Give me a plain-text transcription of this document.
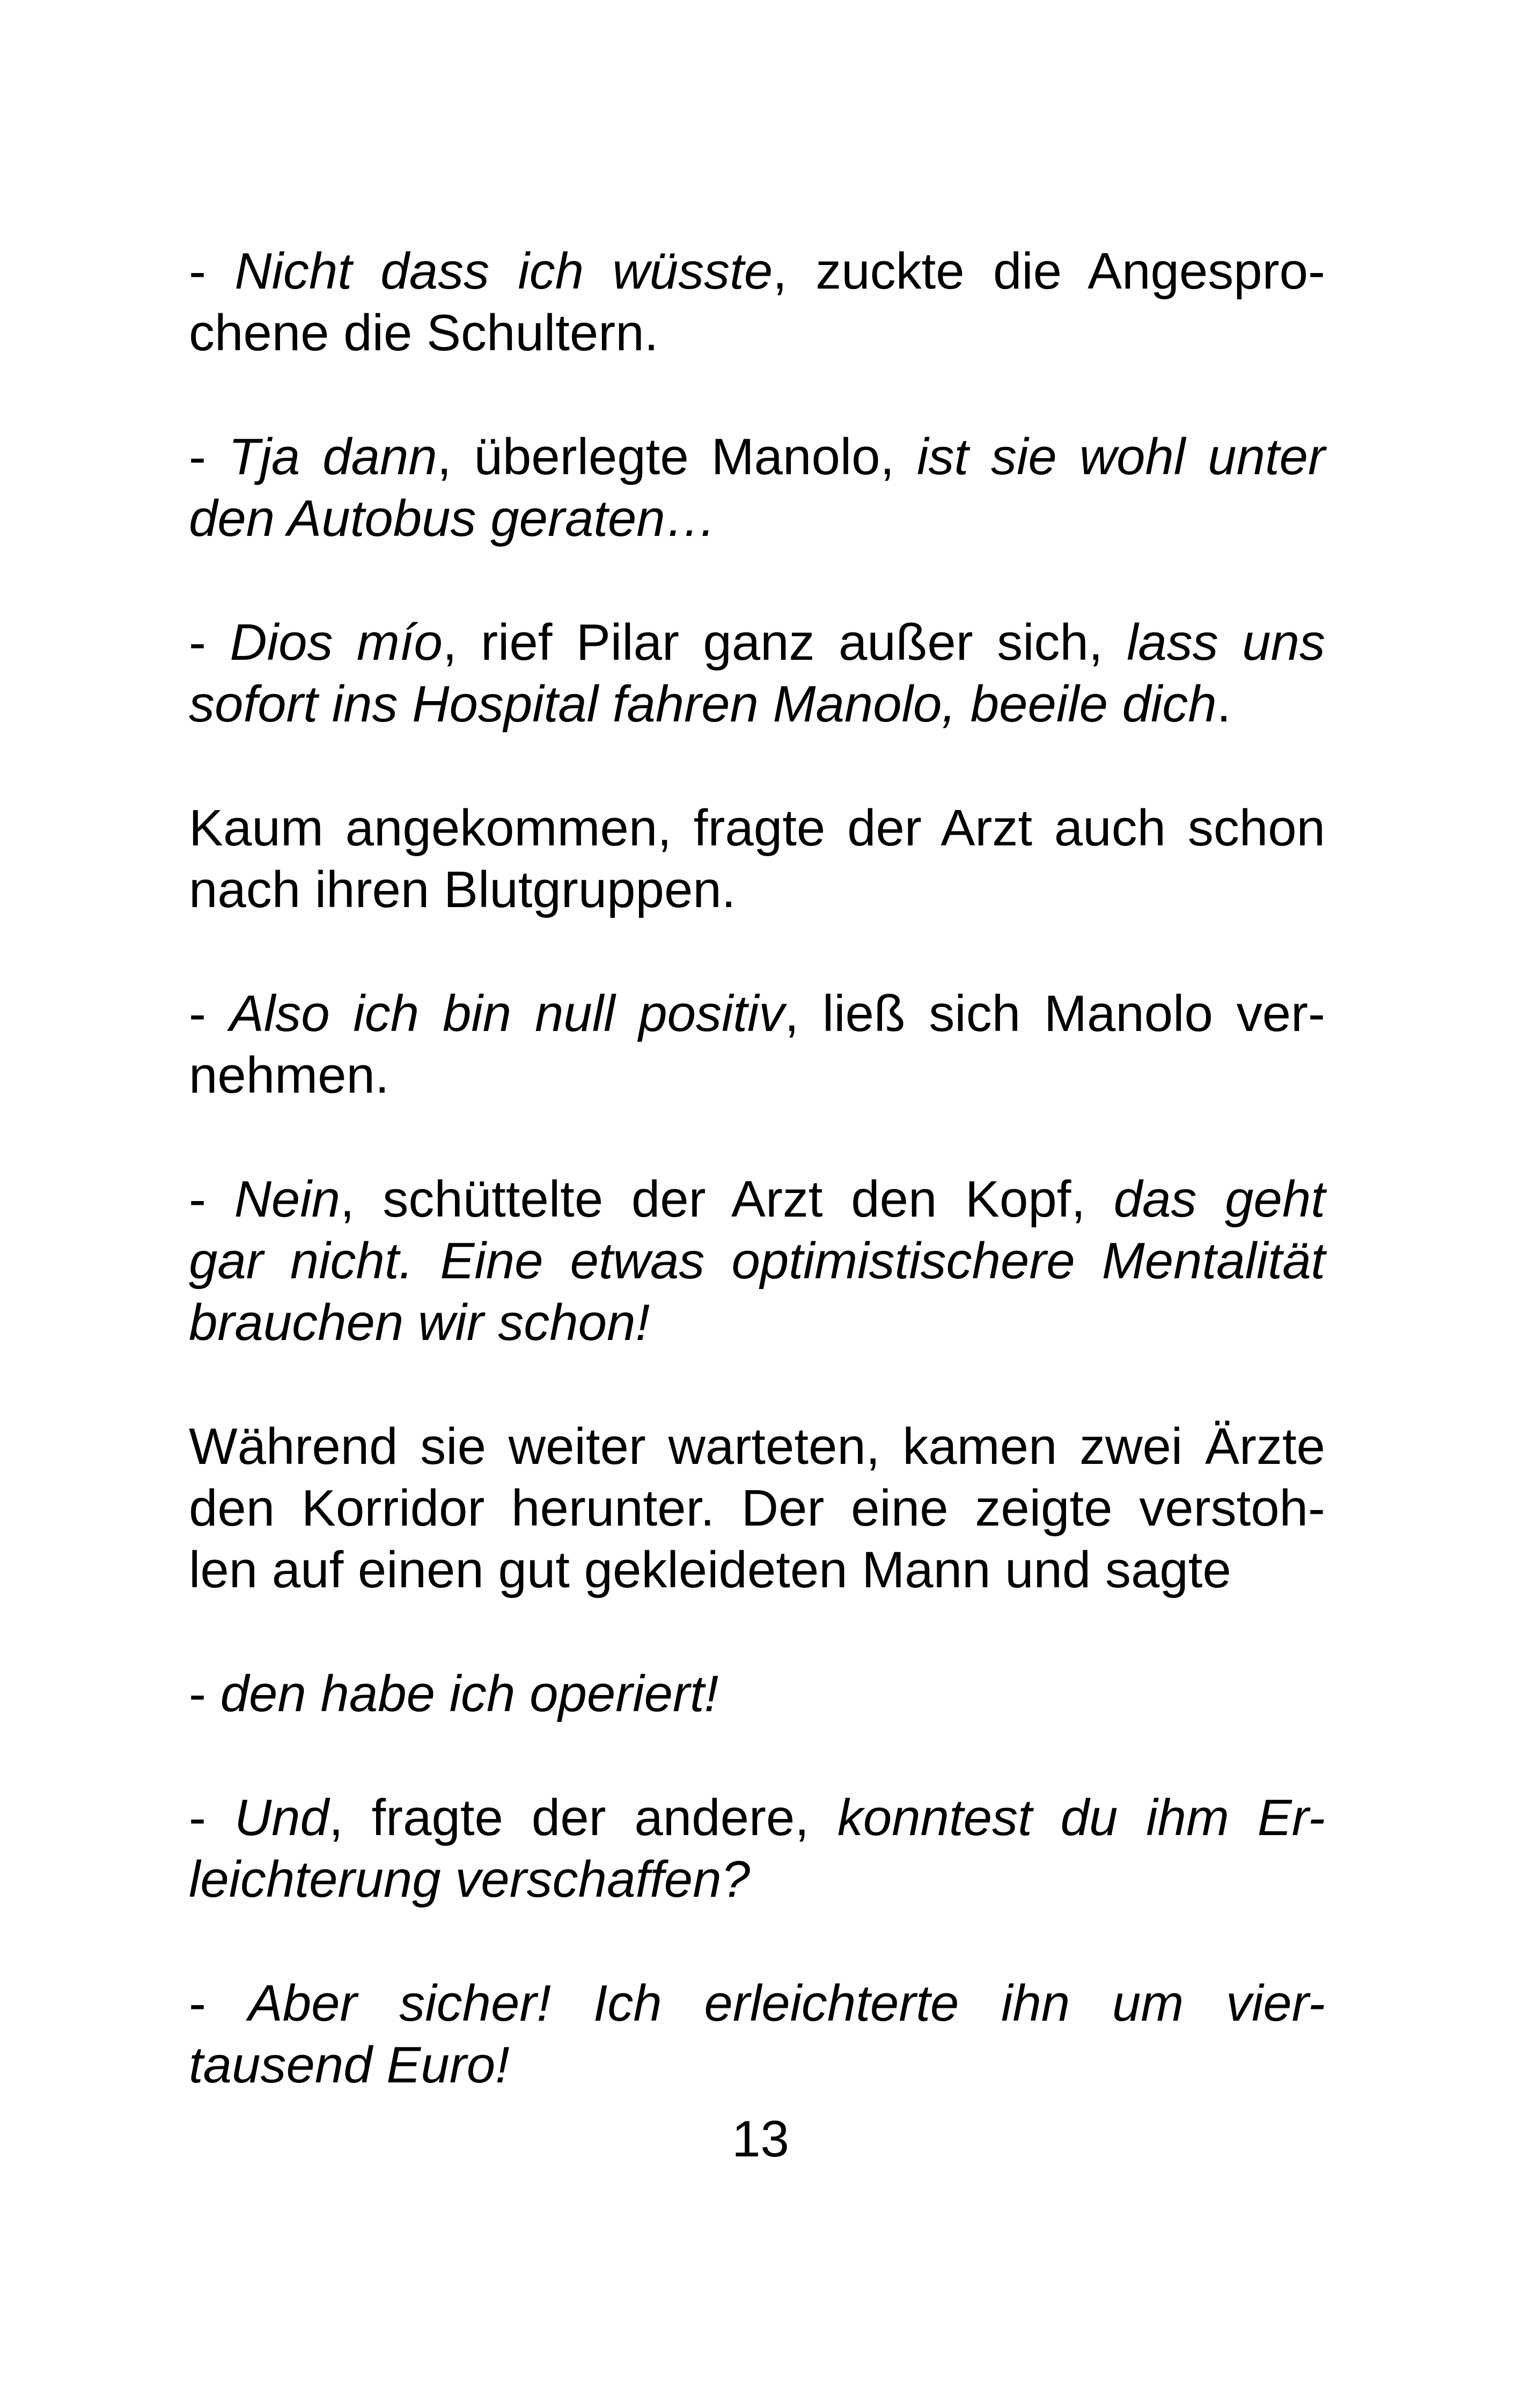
- Nicht dass ich wüsste, zuckte die Angespro-
chene die Schultern.
- Tja dann, überlegte Manolo, ist sie wohl unter
den Autobus geraten…
- Dios mío, rief Pilar ganz außer sich, lass uns
sofort ins Hospital fahren Manolo, beeile dich.
Kaum angekommen, fragte der Arzt auch schon
nach ihren Blutgruppen.
- Also ich bin null positiv, ließ sich Manolo ver-
nehmen.
- Nein, schüttelte der Arzt den Kopf, das geht
gar nicht. Eine etwas optimistischere Mentalität
brauchen wir schon!
Während sie weiter warteten, kamen zwei Ärzte
den Korridor herunter. Der eine zeigte verstoh-
len auf einen gut gekleideten Mann und sagte
- den habe ich operiert!
- Und, fragte der andere, konntest du ihm Er-
leichterung verschaffen?
- Aber sicher! Ich erleichterte ihn um vier-
tausend Euro!
13
